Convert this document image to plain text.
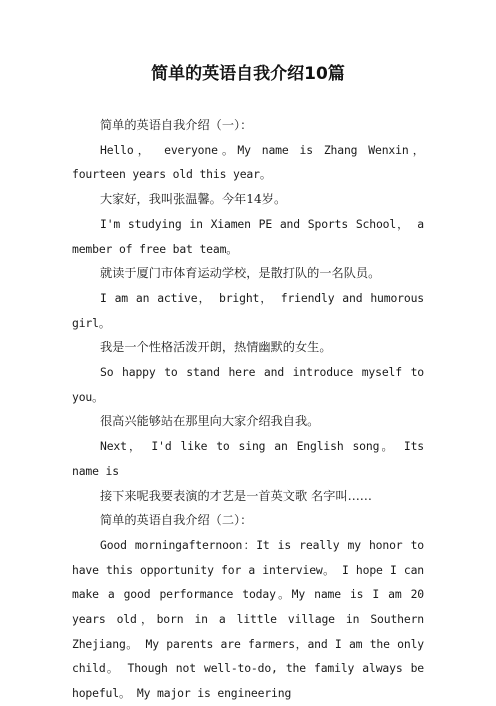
简单的英语自我介绍10篇

简单的英语自我介绍（一）：

Hello， everyone。My name is Zhang Wenxin， fourteen years old this year。

大家好，我叫张温馨。今年14岁。

I'm studying in Xiamen PE and Sports School， a member of free bat team。

就读于厦门市体育运动学校，是散打队的一名队员。

I am an active， bright， friendly and humorous girl。

我是一个性格活泼开朗，热情幽默的女生。

So happy to stand here and introduce myself to you。

很高兴能够站在那里向大家介绍我自我。

Next， I'd like to sing an English song。 Its name is

接下来呢我要表演的才艺是一首英文歌 名字叫……

简单的英语自我介绍（二）：

Good morningafternoon：It is really my honor to have this opportunity for a interview。 I hope I can make a good performance today。My name is I am 20 years old，born in a little village in Southern Zhejiang。 My parents are farmers，and I am the only child。 Though not well-to-do, the family always be hopeful。 My major is engineering
